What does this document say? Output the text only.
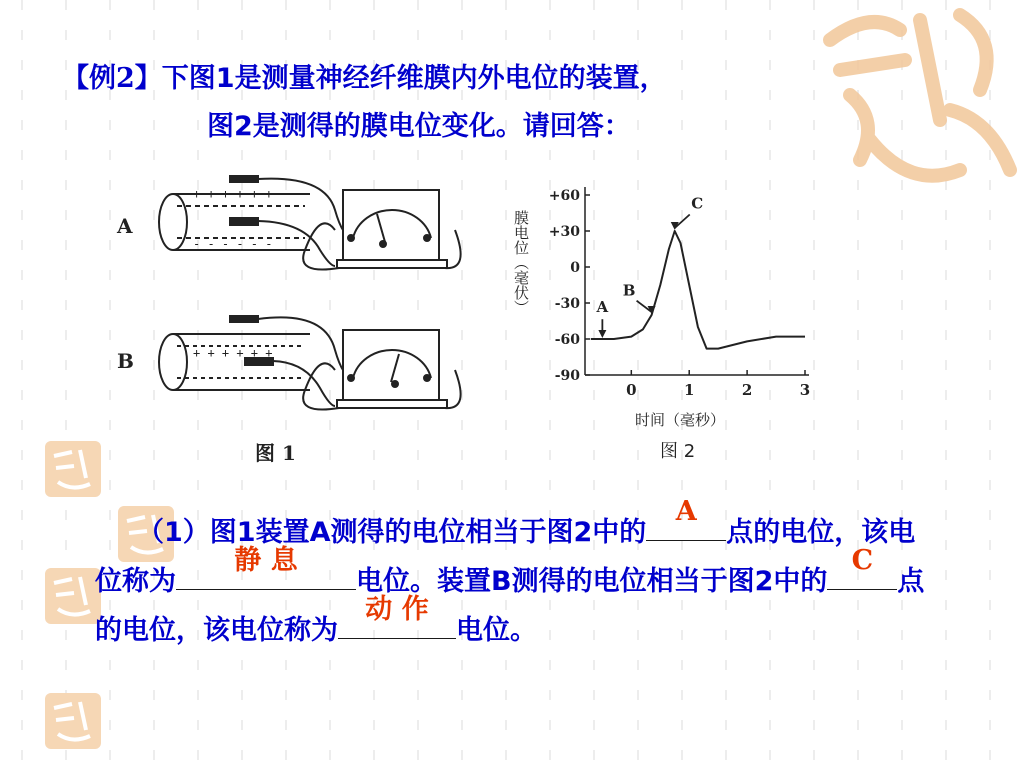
【例2】下图1是测量神经纤维膜内外电位的装置，
图2是测得的膜电位变化。请回答：
A
B
图 1
+ + + + + +
- - - - - -
+ + + + + +
+60
+30
0
-30
-60
-90
0	1	2	3
A
B
C
图 2
时间（毫秒）
膜电位（毫伏）
（1）图1装置A测得的电位相当于图2中的
A
点的电位，该电位称为
静 息
电位。装置B测得的电位相当于图2中的
C
点的电位，该电位称为
动 作
电位。
